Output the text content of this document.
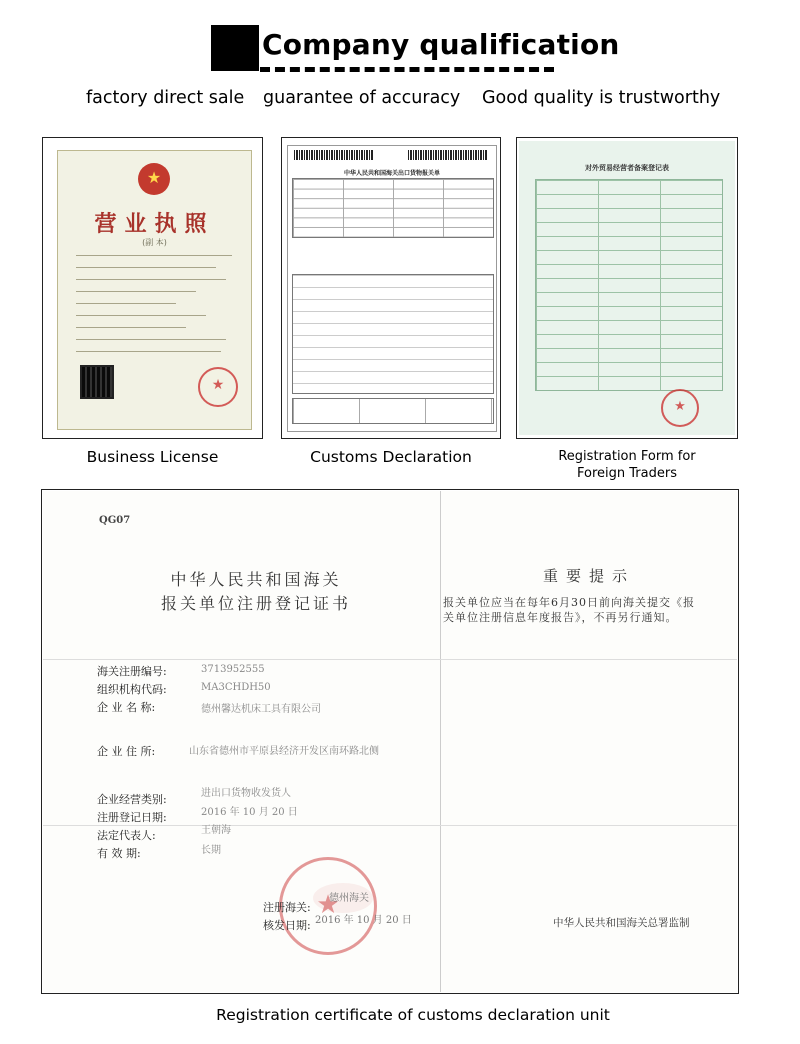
Company qualification
factory direct sale guarantee of accuracy Good quality is trustworthy
★
营业执照
(副 本)
★
中华人民共和国海关出口货物报关单
对外贸易经营者备案登记表
★
Business License	Customs Declaration	Registration Form for
Foreign Traders
QG07
中华人民共和国海关
报关单位注册登记证书
重要提示
报关单位应当在每年6月30日前向海关提交《报关单位注册信息年度报告》，不再另行通知。
海关注册编号:	3713952555
组织机构代码:	MA3CHDH50
企 业 名 称:	德州馨达机床工具有限公司
企 业 住 所:	山东省德州市平原县经济开发区南环路北侧
企业经营类别:	进出口货物收发货人
注册登记日期:	2016 年 10 月 20 日
法定代表人:	王朝海
有 效 期:	长期
★
注册海关:
德州海关
核发日期: 2016 年 10 月 20 日	中华人民共和国海关总署监制
Registration certificate of customs declaration unit
